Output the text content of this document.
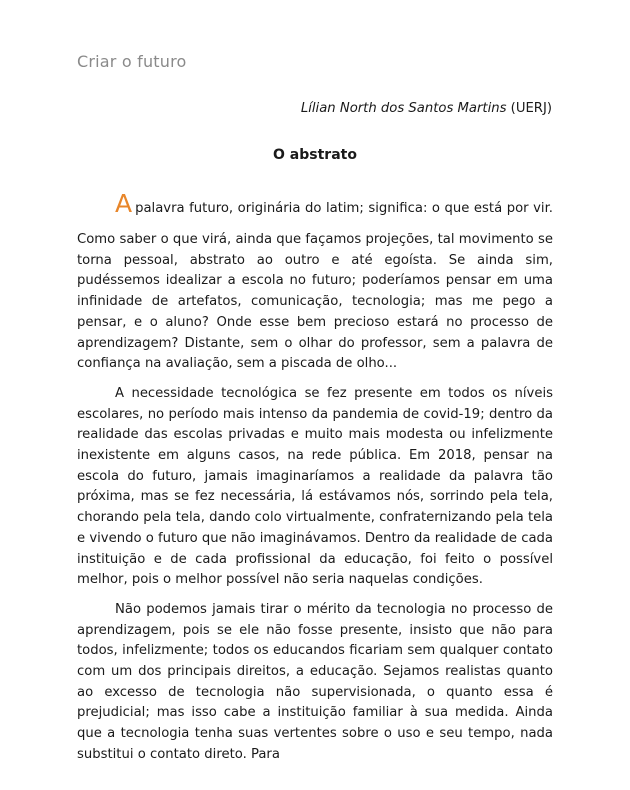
Criar o futuro
Lílian North dos Santos Martins (UERJ)
O abstrato

Apalavra futuro, originária do latim; significa: o que está por vir.

Como saber o que virá, ainda que façamos projeções, tal movimento se torna pessoal, abstrato ao outro e até egoísta. Se ainda sim, pudéssemos idealizar a escola no futuro; poderíamos pensar em uma infinidade de artefatos, comunicação, tecnologia; mas me pego a pensar, e o aluno? Onde esse bem precioso estará no processo de aprendizagem? Distante, sem o olhar do professor, sem a palavra de confiança na avaliação, sem a piscada de olho...

A necessidade tecnológica se fez presente em todos os níveis escolares, no período mais intenso da pandemia de covid-19; dentro da realidade das escolas privadas e muito mais modesta ou infelizmente inexistente em alguns casos, na rede pública. Em 2018, pensar na escola do futuro, jamais imaginaríamos a realidade da palavra tão próxima, mas se fez necessária, lá estávamos nós, sorrindo pela tela, chorando pela tela, dando colo virtualmente, confraternizando pela tela e vivendo o futuro que não imaginávamos. Dentro da realidade de cada instituição e de cada profissional da educação, foi feito o possível melhor, pois o melhor possível não seria naquelas condições.

Não podemos jamais tirar o mérito da tecnologia no processo de aprendizagem, pois se ele não fosse presente, insisto que não para todos, infelizmente; todos os educandos ficariam sem qualquer contato com um dos principais direitos, a educação. Sejamos realistas quanto ao excesso de tecnologia não supervisionada, o quanto essa é prejudicial; mas isso cabe a instituição familiar à sua medida. Ainda que a tecnologia tenha suas vertentes sobre o uso e seu tempo, nada substitui o contato direto. Para
